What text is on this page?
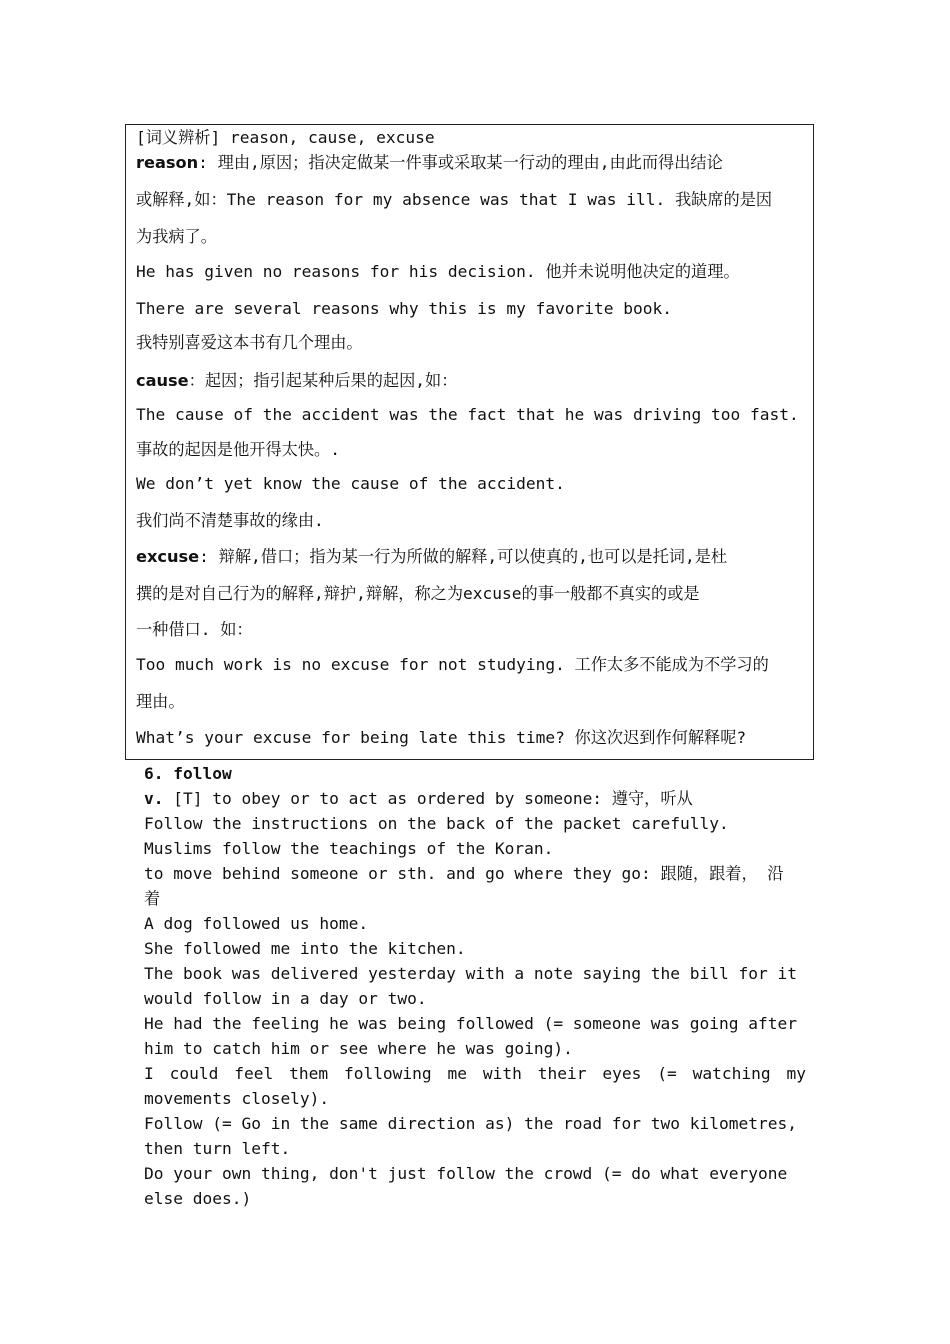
[词义辨析] reason, cause, excuse
reason: 理由,原因；指决定做某一件事或采取某一行动的理由,由此而得出结论
或解释,如：The reason for my absence was that I was ill. 我缺席的是因
为我病了。
He has given no reasons for his decision. 他并未说明他决定的道理。
There are several reasons why this is my favorite book.
我特别喜爱这本书有几个理由。
cause：起因；指引起某种后果的起因,如：
The cause of the accident was the fact that he was driving too fast.
事故的起因是他开得太快。.
We don’t yet know the cause of the accident.
我们尚不清楚事故的缘由.
excuse: 辩解,借口；指为某一行为所做的解释,可以使真的,也可以是托词,是杜
撰的是对自己行为的解释,辩护,辩解，称之为excuse的事一般都不真实的或是
一种借口. 如：
Too much work is no excuse for not studying. 工作太多不能成为不学习的
理由。
What’s your excuse for being late this time? 你这次迟到作何解释呢?
6. follow
v. [T] to obey or to act as ordered by someone: 遵守，听从
Follow the instructions on the back of the packet carefully.
Muslims follow the teachings of the Koran.
to move behind someone or sth. and go where they go: 跟随，跟着， 沿
着
A dog followed us home.
She followed me into the kitchen.
The book was delivered yesterday with a note saying the bill for it
would follow in a day or two.
He had the feeling he was being followed (= someone was going after
him to catch him or see where he was going).
I could feel them following me with their eyes (= watching my
movements closely).
Follow (= Go in the same direction as) the road for two kilometres,
then turn left.
Do your own thing, don't just follow the crowd (= do what everyone
else does.)
